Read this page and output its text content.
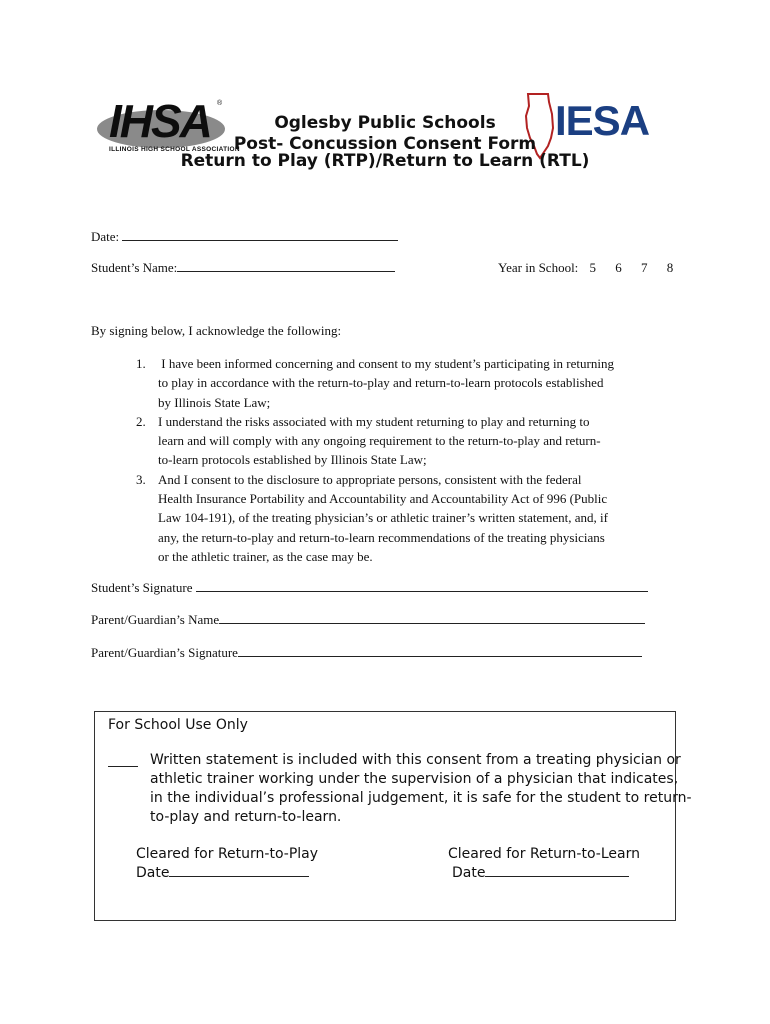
IHSA ®
ILLINOIS HIGH SCHOOL ASSOCIATION
IESA
Oglesby Public Schools
Post- Concussion Consent Form
Return to Play (RTP)/Return to Learn (RTL)
Date:
Student’s Name:	Year in School: 5 6 7 8
By signing below, I acknowledge the following:
1. I have been informed concerning and consent to my student’s participating in returning
to play in accordance with the return-to-play and return-to-learn protocols established
by Illinois State Law;
2. I understand the risks associated with my student returning to play and returning to
learn and will comply with any ongoing requirement to the return-to-play and return-
to-learn protocols established by Illinois State Law;
3. And I consent to the disclosure to appropriate persons, consistent with the federal
Health Insurance Portability and Accountability and Accountability Act of 996 (Public
Law 104-191), of the treating physician’s or athletic trainer’s written statement, and, if
any, the return-to-play and return-to-learn recommendations of the treating physicians
or the athletic trainer, as the case may be.
Student’s Signature
Parent/Guardian’s Name
Parent/Guardian’s Signature
For School Use Only
Written statement is included with this consent from a treating physician or
athletic trainer working under the supervision of a physician that indicates,
in the individual’s professional judgement, it is safe for the student to return-
to-play and return-to-learn.
Cleared for Return-to-Play
Date
Cleared for Return-to-Learn
Date
